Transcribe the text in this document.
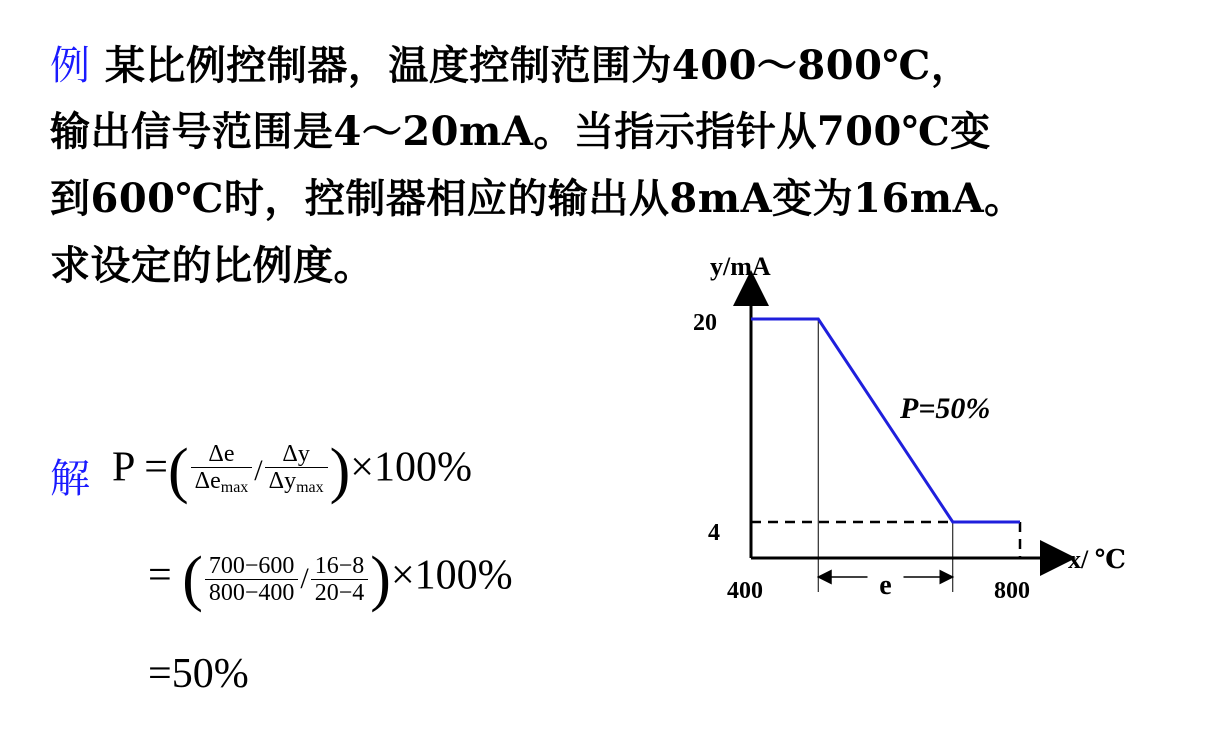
例 某比例控制器，温度控制范围为400～800℃，
输出信号范围是4～20mA。当指示指针从700℃变
到600℃时，控制器相应的输出从8mA变为16mA。
求设定的比例度。
解 P =( $\frac{\Delta e}{\Delta e_{max}} / \frac{\Delta y}{\Delta y_{max}} )\times 100\%$
= ( $\frac{700-600}{800-400} / \frac{16-8}{20-4} )\times 100\%$
=50%
y/mA
x/ ℃
20
4
400	800
e
P=50%
